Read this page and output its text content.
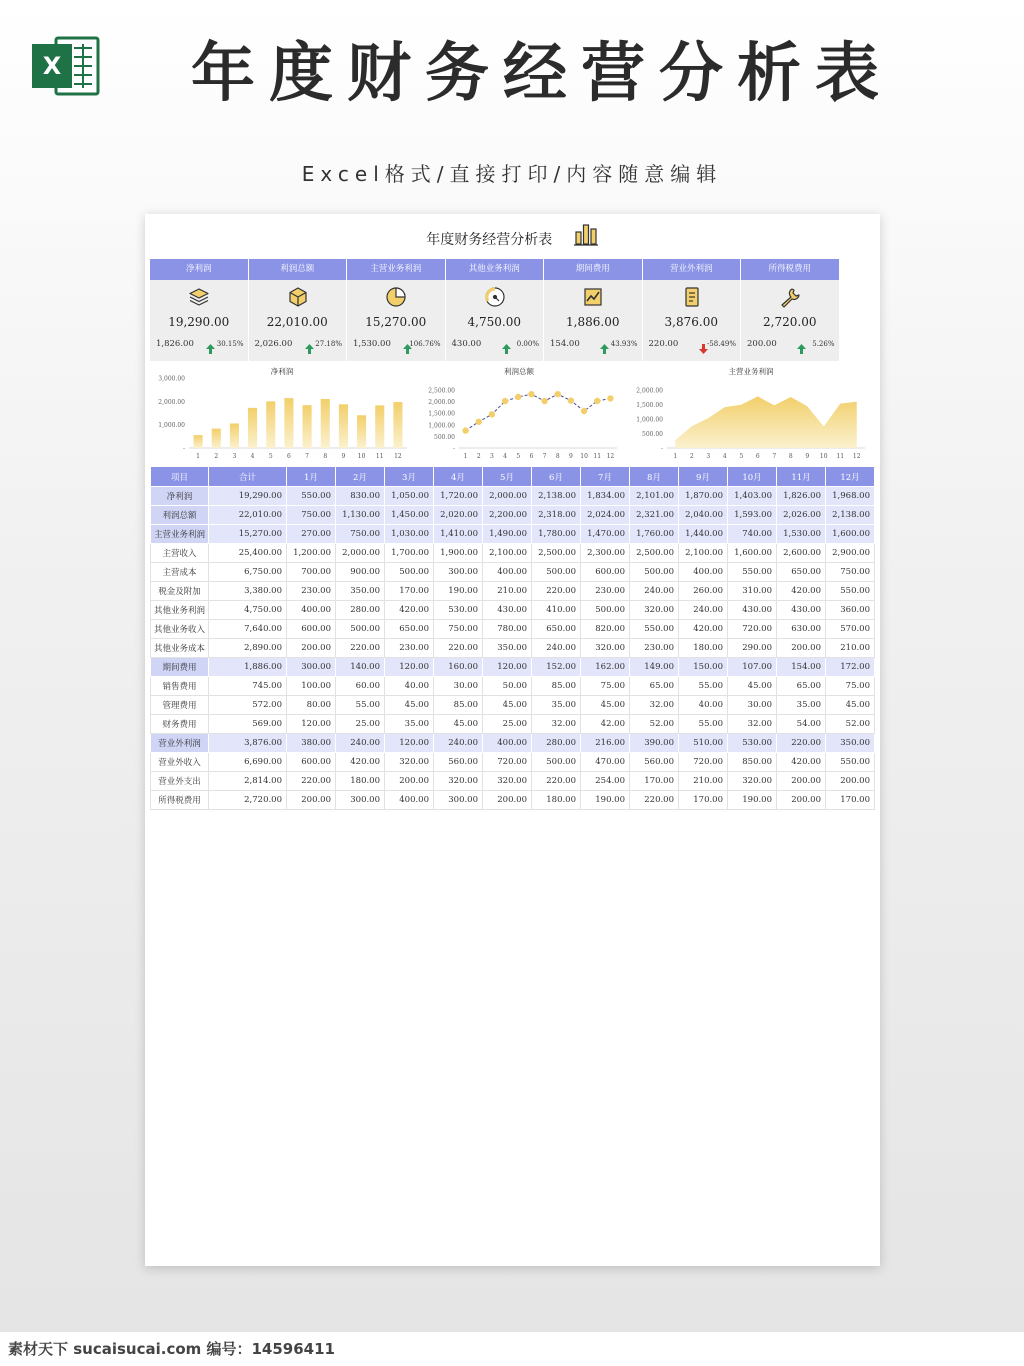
X	年度财务经营分析表
Excel格式/直接打印/内容随意编辑
年度财务经营分析表
净利润
19,290.00
1,826.00	30.15%
利润总额
22,010.00
2,026.00	27.18%
主营业务利润
15,270.00
1,530.00	106.76%
其他业务利润
4,750.00
430.00	0.00%
期间费用
1,886.00
154.00	43.93%
营业外利润
3,876.00
220.00	-58.49%
所得税费用
2,720.00
200.00	5.26%
净利润
3,000.00
2,000.00
1,000.00
-
1 2 3 4 5 6 7 8 9 10 11 12
利润总额
2,500.00
2,000.00
1,500.00
1,000.00
500.00
-
1 2 3 4 5 6 7 8 9 10 11 12
主营业务利润
2,000.00
1,500.00
1,000.00
500.00
-
1 2 3 4 5 6 7 8 9 10 11 12
项目	合计	1月	2月	3月	4月	5月	6月	7月	8月	9月	10月	11月	12月
净利润	19,290.00	550.00	830.00	1,050.00	1,720.00	2,000.00	2,138.00	1,834.00	2,101.00	1,870.00	1,403.00	1,826.00	1,968.00
利润总额	22,010.00	750.00	1,130.00	1,450.00	2,020.00	2,200.00	2,318.00	2,024.00	2,321.00	2,040.00	1,593.00	2,026.00	2,138.00
主营业务利润	15,270.00	270.00	750.00	1,030.00	1,410.00	1,490.00	1,780.00	1,470.00	1,760.00	1,440.00	740.00	1,530.00	1,600.00
主营收入	25,400.00	1,200.00	2,000.00	1,700.00	1,900.00	2,100.00	2,500.00	2,300.00	2,500.00	2,100.00	1,600.00	2,600.00	2,900.00
主营成本	6,750.00	700.00	900.00	500.00	300.00	400.00	500.00	600.00	500.00	400.00	550.00	650.00	750.00
税金及附加	3,380.00	230.00	350.00	170.00	190.00	210.00	220.00	230.00	240.00	260.00	310.00	420.00	550.00
其他业务利润	4,750.00	400.00	280.00	420.00	530.00	430.00	410.00	500.00	320.00	240.00	430.00	430.00	360.00
其他业务收入	7,640.00	600.00	500.00	650.00	750.00	780.00	650.00	820.00	550.00	420.00	720.00	630.00	570.00
其他业务成本	2,890.00	200.00	220.00	230.00	220.00	350.00	240.00	320.00	230.00	180.00	290.00	200.00	210.00
期间费用	1,886.00	300.00	140.00	120.00	160.00	120.00	152.00	162.00	149.00	150.00	107.00	154.00	172.00
销售费用	745.00	100.00	60.00	40.00	30.00	50.00	85.00	75.00	65.00	55.00	45.00	65.00	75.00
管理费用	572.00	80.00	55.00	45.00	85.00	45.00	35.00	45.00	32.00	40.00	30.00	35.00	45.00
财务费用	569.00	120.00	25.00	35.00	45.00	25.00	32.00	42.00	52.00	55.00	32.00	54.00	52.00
营业外利润	3,876.00	380.00	240.00	120.00	240.00	400.00	280.00	216.00	390.00	510.00	530.00	220.00	350.00
营业外收入	6,690.00	600.00	420.00	320.00	560.00	720.00	500.00	470.00	560.00	720.00	850.00	420.00	550.00
营业外支出	2,814.00	220.00	180.00	200.00	320.00	320.00	220.00	254.00	170.00	210.00	320.00	200.00	200.00
所得税费用	2,720.00	200.00	300.00	400.00	300.00	200.00	180.00	190.00	220.00	170.00	190.00	200.00	170.00
素材天下 sucaisucai.com 编号：14596411
